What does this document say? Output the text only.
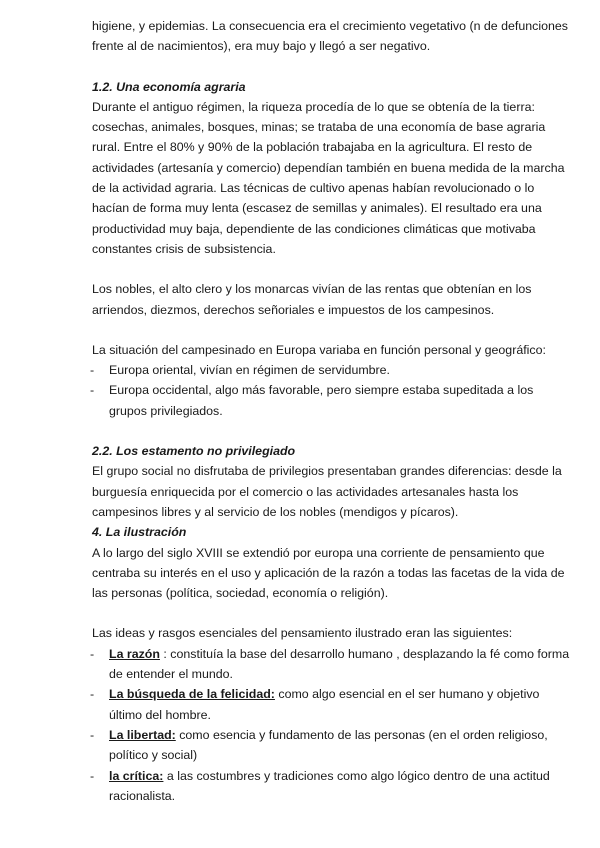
higiene, y epidemias. La consecuencia era el crecimiento vegetativo (n de defunciones frente al de nacimientos), era muy bajo y llegó a ser negativo.

1.2. Una economía agraria

Durante el antiguo régimen, la riqueza procedía de lo que se obtenía de la tierra: cosechas, animales, bosques, minas; se trataba de una economía de base agraria rural. Entre el 80% y 90% de la población trabajaba en la agricultura. El resto de actividades (artesanía y comercio) dependían también en buena medida de la marcha de la actividad agraria. Las técnicas de cultivo apenas habían revolucionado o lo hacían de forma muy lenta (escasez de semillas y animales). El resultado era una productividad muy baja, dependiente de las condiciones climáticas que motivaba constantes crisis de subsistencia.

Los nobles, el alto clero y los monarcas vivían de las rentas que obtenían en los arriendos, diezmos, derechos señoriales e impuestos de los campesinos.

La situación del campesinado en Europa variaba en función personal y geográfico:

- Europa oriental, vivían en régimen de servidumbre.
- Europa occidental, algo más favorable, pero siempre estaba supeditada a los grupos privilegiados.

2.2. Los estamento no privilegiado

El grupo social no disfrutaba de privilegios presentaban grandes diferencias: desde la burguesía enriquecida por el comercio o las actividades artesanales hasta los campesinos libres y al servicio de los nobles (mendigos y pícaros).

4. La ilustración

A lo largo del siglo XVIII se extendió por europa una corriente de pensamiento que centraba su interés en el uso y aplicación de la razón a todas las facetas de la vida de las personas (política, sociedad, economía o religión).

Las ideas y rasgos esenciales del pensamiento ilustrado eran las siguientes:

- La razón : constituía la base del desarrollo humano , desplazando la fé como forma de entender el mundo.
- La búsqueda de la felicidad: como algo esencial en el ser humano y objetivo último del hombre.
- La libertad: como esencia y fundamento de las personas (en el orden religioso, político y social)
- la crítica: a las costumbres y tradiciones como algo lógico dentro de una actitud racionalista.
